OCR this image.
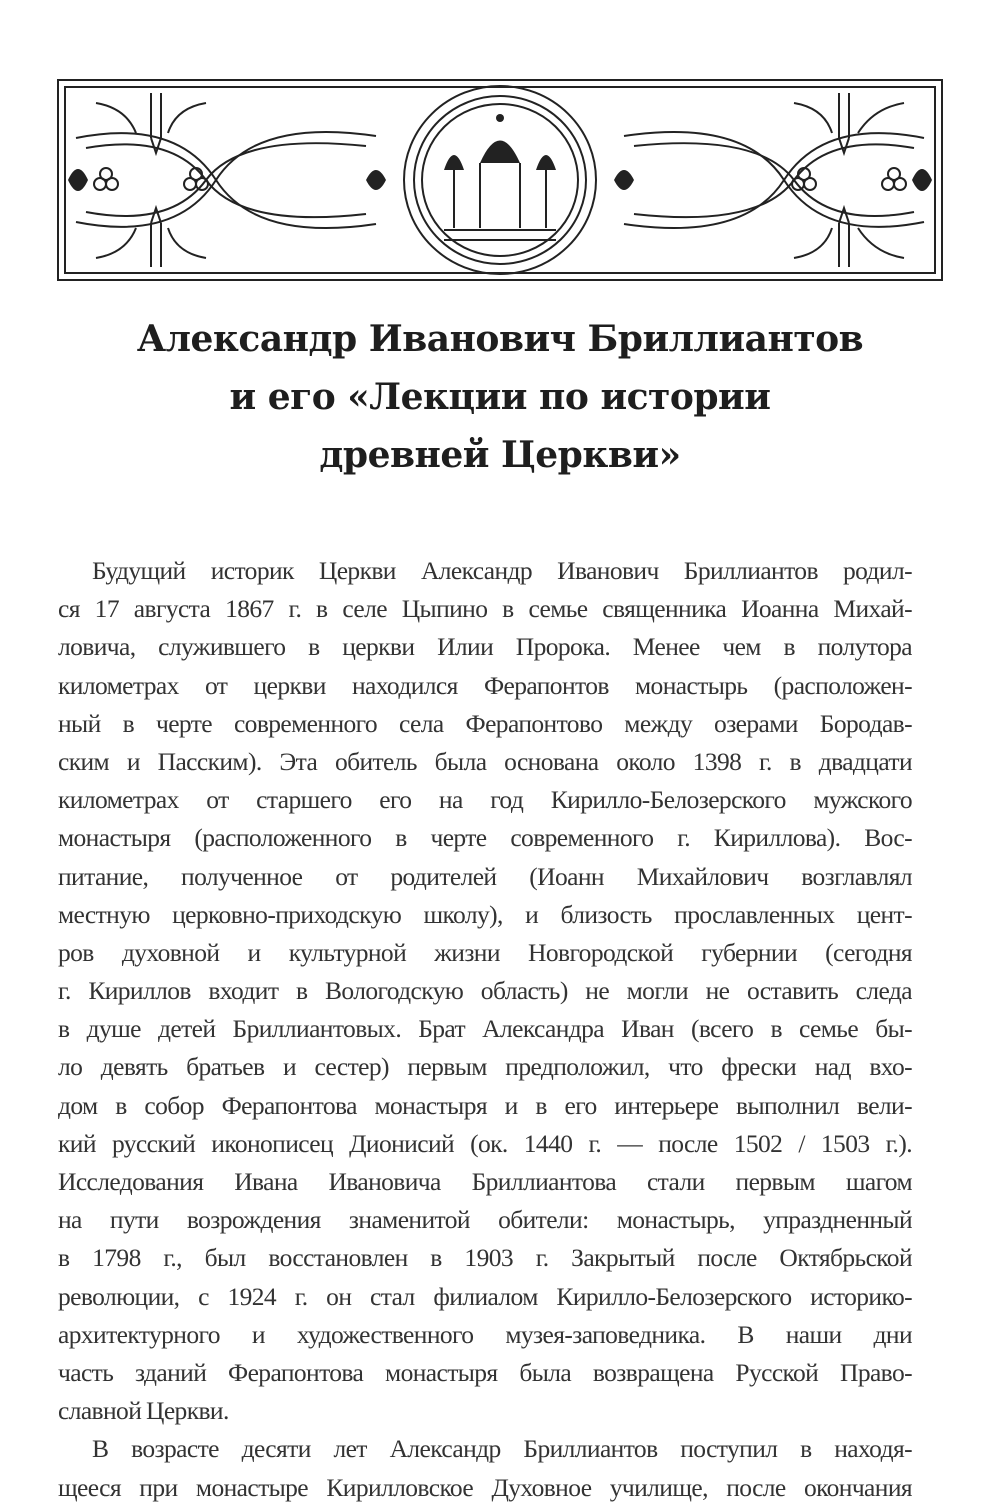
Александр Иванович Бриллиантов
и его «Лекции по истории
древней Церкви»
Будущий историк Церкви Александр Иванович Бриллиантов родил-
ся 17 августа 1867 г. в селе Цыпино в семье священника Иоанна Михай-
ловича, служившего в церкви Илии Пророка. Менее чем в полутора
километрах от церкви находился Ферапонтов монастырь (расположен-
ный в черте современного села Ферапонтово между озерами Бородав-
ским и Пасским). Эта обитель была основана около 1398 г. в двадцати
километрах от старшего его на год Кирилло-Белозерского мужского
монастыря (расположенного в черте современного г. Кириллова). Вос-
питание, полученное от родителей (Иоанн Михайлович возглавлял
местную церковно-приходскую школу), и близость прославленных цент-
ров духовной и культурной жизни Новгородской губернии (сегодня
г. Кириллов входит в Вологодскую область) не могли не оставить следа
в душе детей Бриллиантовых. Брат Александра Иван (всего в семье бы-
ло девять братьев и сестер) первым предположил, что фрески над вхо-
дом в собор Ферапонтова монастыря и в его интерьере выполнил вели-
кий русский иконописец Дионисий (ок. 1440 г. — после 1502 / 1503 г.).
Исследования Ивана Ивановича Бриллиантова стали первым шагом
на пути возрождения знаменитой обители: монастырь, упраздненный
в 1798 г., был восстановлен в 1903 г. Закрытый после Октябрьской
революции, с 1924 г. он стал филиалом Кирилло-Белозерского историко-
архитектурного и художественного музея-заповедника. В наши дни
часть зданий Ферапонтова монастыря была возвращена Русской Право-
славной Церкви.
В возрасте десяти лет Александр Бриллиантов поступил в находя-
щееся при монастыре Кирилловское Духовное училище, после окончания
